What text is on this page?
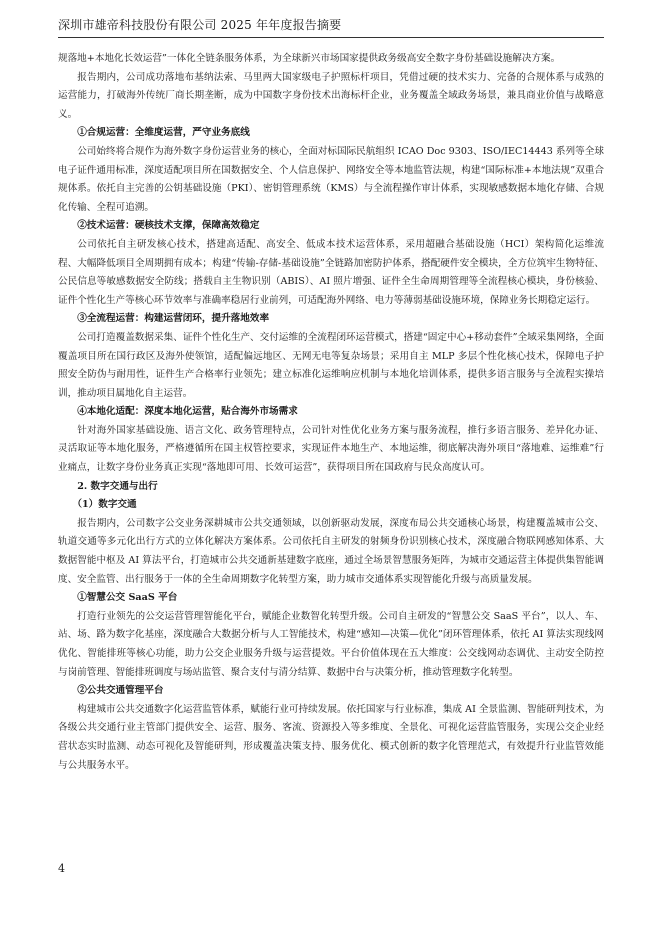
深圳市雄帝科技股份有限公司 2025 年年度报告摘要

规落地+本地化长效运营”一体化全链条服务体系，为全球新兴市场国家提供政务级高安全数字身份基础设施解决方案。

报告期内，公司成功落地布基纳法索、马里两大国家级电子护照标杆项目，凭借过硬的技术实力、完备的合规体系与成熟的运营能力，打破海外传统厂商长期垄断，成为中国数字身份技术出海标杆企业，业务覆盖全域政务场景，兼具商业价值与战略意义。

①合规运营：全维度运营，严守业务底线

公司始终将合规作为海外数字身份运营业务的核心，全面对标国际民航组织 ICAO Doc 9303、ISO/IEC14443 系列等全球电子证件通用标准，深度适配项目所在国数据安全、个人信息保护、网络安全等本地监管法规，构建“国际标准+本地法规”双重合规体系。依托自主完善的公钥基础设施（PKI）、密钥管理系统（KMS）与全流程操作审计体系，实现敏感数据本地化存储、合规化传输、全程可追溯。

②技术运营：硬核技术支撑，保障高效稳定

公司依托自主研发核心技术，搭建高适配、高安全、低成本技术运营体系，采用超融合基础设施（HCI）架构简化运维流程、大幅降低项目全周期拥有成本；构建“传输-存储-基础设施”全链路加密防护体系，搭配硬件安全模块，全方位筑牢生物特征、公民信息等敏感数据安全防线；搭载自主生物识别（ABIS）、AI 照片增强、证件全生命周期管理等全流程核心模块，身份核验、证件个性化生产等核心环节效率与准确率稳居行业前列，可适配海外网络、电力等薄弱基础设施环境，保障业务长期稳定运行。

③全流程运营：构建运营闭环，提升落地效率

公司打造覆盖数据采集、证件个性化生产、交付运维的全流程闭环运营模式，搭建“固定中心+移动套件”全域采集网络，全面覆盖项目所在国行政区及海外使领馆，适配偏远地区、无网无电等复杂场景；采用自主 MLP 多层个性化核心技术，保障电子护照安全防伪与耐用性，证件生产合格率行业领先；建立标准化运维响应机制与本地化培训体系，提供多语言服务与全流程实操培训，推动项目属地化自主运营。

④本地化适配：深度本地化运营，贴合海外市场需求

针对海外国家基础设施、语言文化、政务管理特点，公司针对性优化业务方案与服务流程，推行多语言服务、差异化办证、灵活取证等本地化服务，严格遵循所在国主权管控要求，实现证件本地生产、本地运维，彻底解决海外项目“落地难、运维难”行业痛点，让数字身份业务真正实现“落地即可用、长效可运营”，获得项目所在国政府与民众高度认可。

2. 数字交通与出行

（1）数字交通

报告期内，公司数字公交业务深耕城市公共交通领域，以创新驱动发展，深度布局公共交通核心场景，构建覆盖城市公交、轨道交通等多元化出行方式的立体化解决方案体系。公司依托自主研发的射频身份识别核心技术，深度融合物联网感知体系、大数据智能中枢及 AI 算法平台，打造城市公共交通新基建数字底座，通过全场景智慧服务矩阵，为城市交通运营主体提供集智能调度、安全监管、出行服务于一体的全生命周期数字化转型方案，助力城市交通体系实现智能化升级与高质量发展。

①智慧公交 SaaS 平台

打造行业领先的公交运营管理智能化平台，赋能企业数智化转型升级。公司自主研发的“智慧公交 SaaS 平台”，以人、车、站、场、路为数字化基座，深度融合大数据分析与人工智能技术，构建“感知—决策—优化”闭环管理体系，依托 AI 算法实现线网优化、智能排班等核心功能，助力公交企业服务升级与运营提效。平台价值体现在五大维度：公交线网动态调优、主动安全防控与岗前管理、智能排班调度与场站监管、聚合支付与清分结算、数据中台与决策分析，推动管理数字化转型。

②公共交通管理平台

构建城市公共交通数字化运营监管体系，赋能行业可持续发展。依托国家与行业标准，集成 AI 全景监测、智能研判技术，为各级公共交通行业主管部门提供安全、运营、服务、客流、资源投入等多维度、全景化、可视化运营监管服务，实现公交企业经营状态实时监测、动态可视化及智能研判，形成覆盖决策支持、服务优化、模式创新的数字化管理范式，有效提升行业监管效能与公共服务水平。

4
